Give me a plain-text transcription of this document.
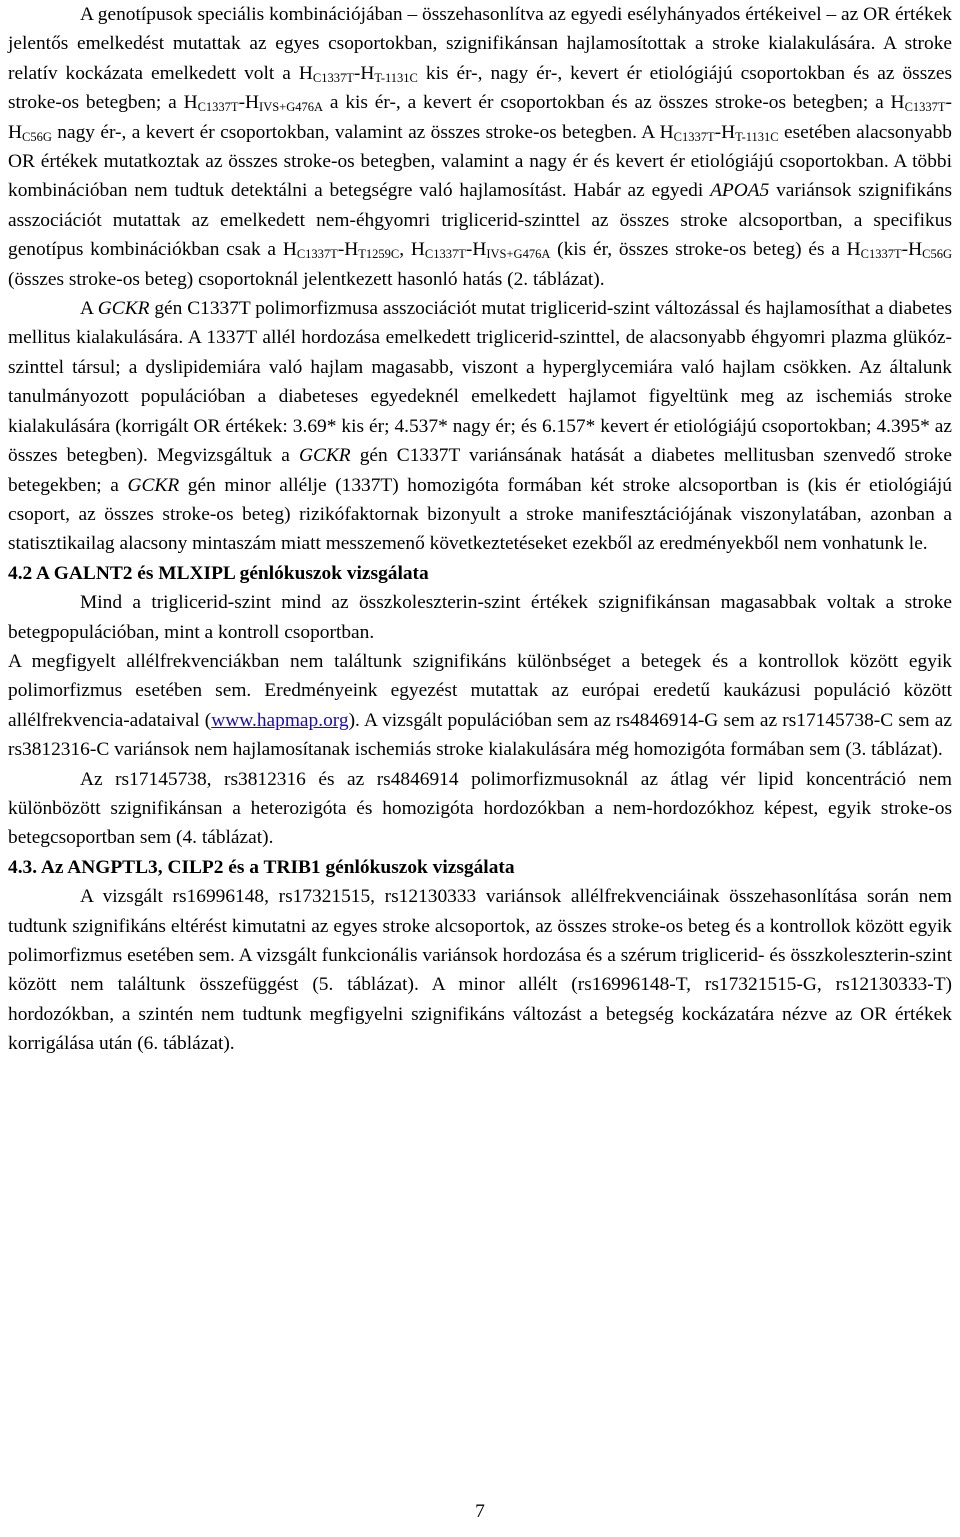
A genotípusok speciális kombinációjában – összehasonlítva az egyedi esélyhányados értékeivel – az OR értékek jelentős emelkedést mutattak az egyes csoportokban, szignifikánsan hajlamosítottak a stroke kialakulására. A stroke relatív kockázata emelkedett volt a $H_{C1337T}-H_{T-1131C}$ kis ér-, nagy ér-, kevert ér etiológiájú csoportokban és az összes stroke-os betegben; a $H_{C1337T}-H_{IVS+G476A}$ a kis ér-, a kevert ér csoportokban és az összes stroke-os betegben; a $H_{C1337T}-H_{C56G}$ nagy ér-, a kevert ér csoportokban, valamint az összes stroke-os betegben. A $H_{C1337T}-H_{T-1131C}$ esetében alacsonyabb OR értékek mutatkoztak az összes stroke-os betegben, valamint a nagy ér és kevert ér etiológiájú csoportokban. A többi kombinációban nem tudtuk detektálni a betegségre való hajlamosítást. Habár az egyedi APOA5 variánsok szignifikáns asszociációt mutattak az emelkedett nem-éhgyomri triglicerid-szinttel az összes stroke alcsoportban, a specifikus genotípus kombinációkban csak a $H_{C1337T}-H_{T1259C}$, $H_{C1337T}-H_{IVS+G476A}$ (kis ér, összes stroke-os beteg) és a $H_{C1337T}-H_{C56G}$ (összes stroke-os beteg) csoportoknál jelentkezett hasonló hatás (2. táblázat).

A GCKR gén C1337T polimorfizmusa asszociációt mutat triglicerid-szint változással és hajlamosíthat a diabetes mellitus kialakulására. A 1337T allél hordozása emelkedett triglicerid-szinttel, de alacsonyabb éhgyomri plazma glükóz-szinttel társul; a dyslipidemiára való hajlam magasabb, viszont a hyperglycemiára való hajlam csökken. Az általunk tanulmányozott populációban a diabeteses egyedeknél emelkedett hajlamot figyeltünk meg az ischemiás stroke kialakulására (korrigált OR értékek: 3.69* kis ér; 4.537* nagy ér; és 6.157* kevert ér etiológiájú csoportokban; 4.395* az összes betegben). Megvizsgáltuk a GCKR gén C1337T variánsának hatását a diabetes mellitusban szenvedő stroke betegekben; a GCKR gén minor allélje (1337T) homozigóta formában két stroke alcsoportban is (kis ér etiológiájú csoport, az összes stroke-os beteg) rizikófaktornak bizonyult a stroke manifesztációjának viszonylatában, azonban a statisztikailag alacsony mintaszám miatt messzemenő következtetéseket ezekből az eredményekből nem vonhatunk le.

4.2 A GALNT2 és MLXIPL génlókuszok vizsgálata

Mind a triglicerid-szint mind az összkoleszterin-szint értékek szignifikánsan magasabbak voltak a stroke betegpopulációban, mint a kontroll csoportban.

A megfigyelt allélfrekvenciákban nem találtunk szignifikáns különbséget a betegek és a kontrollok között egyik polimorfizmus esetében sem. Eredményeink egyezést mutattak az európai eredetű kaukázusi populáció között allélfrekvencia-adataival (www.hapmap.org). A vizsgált populációban sem az rs4846914-G sem az rs17145738-C sem az rs3812316-C variánsok nem hajlamosítanak ischemiás stroke kialakulására még homozigóta formában sem (3. táblázat).

Az rs17145738, rs3812316 és az rs4846914 polimorfizmusoknál az átlag vér lipid koncentráció nem különbözött szignifikánsan a heterozigóta és homozigóta hordozókban a nem-hordozókhoz képest, egyik stroke-os betegcsoportban sem (4. táblázat).

4.3. Az ANGPTL3, CILP2 és a TRIB1 génlókuszok vizsgálata

A vizsgált rs16996148, rs17321515, rs12130333 variánsok allélfrekvenciáinak összehasonlítása során nem tudtunk szignifikáns eltérést kimutatni az egyes stroke alcsoportok, az összes stroke-os beteg és a kontrollok között egyik polimorfizmus esetében sem. A vizsgált funkcionális variánsok hordozása és a szérum triglicerid- és összkoleszterin-szint között nem találtunk összefüggést (5. táblázat). A minor allélt (rs16996148-T, rs17321515-G, rs12130333-T) hordozókban, a szintén nem tudtunk megfigyelni szignifikáns változást a betegség kockázatára nézve az OR értékek korrigálása után (6. táblázat).

7
